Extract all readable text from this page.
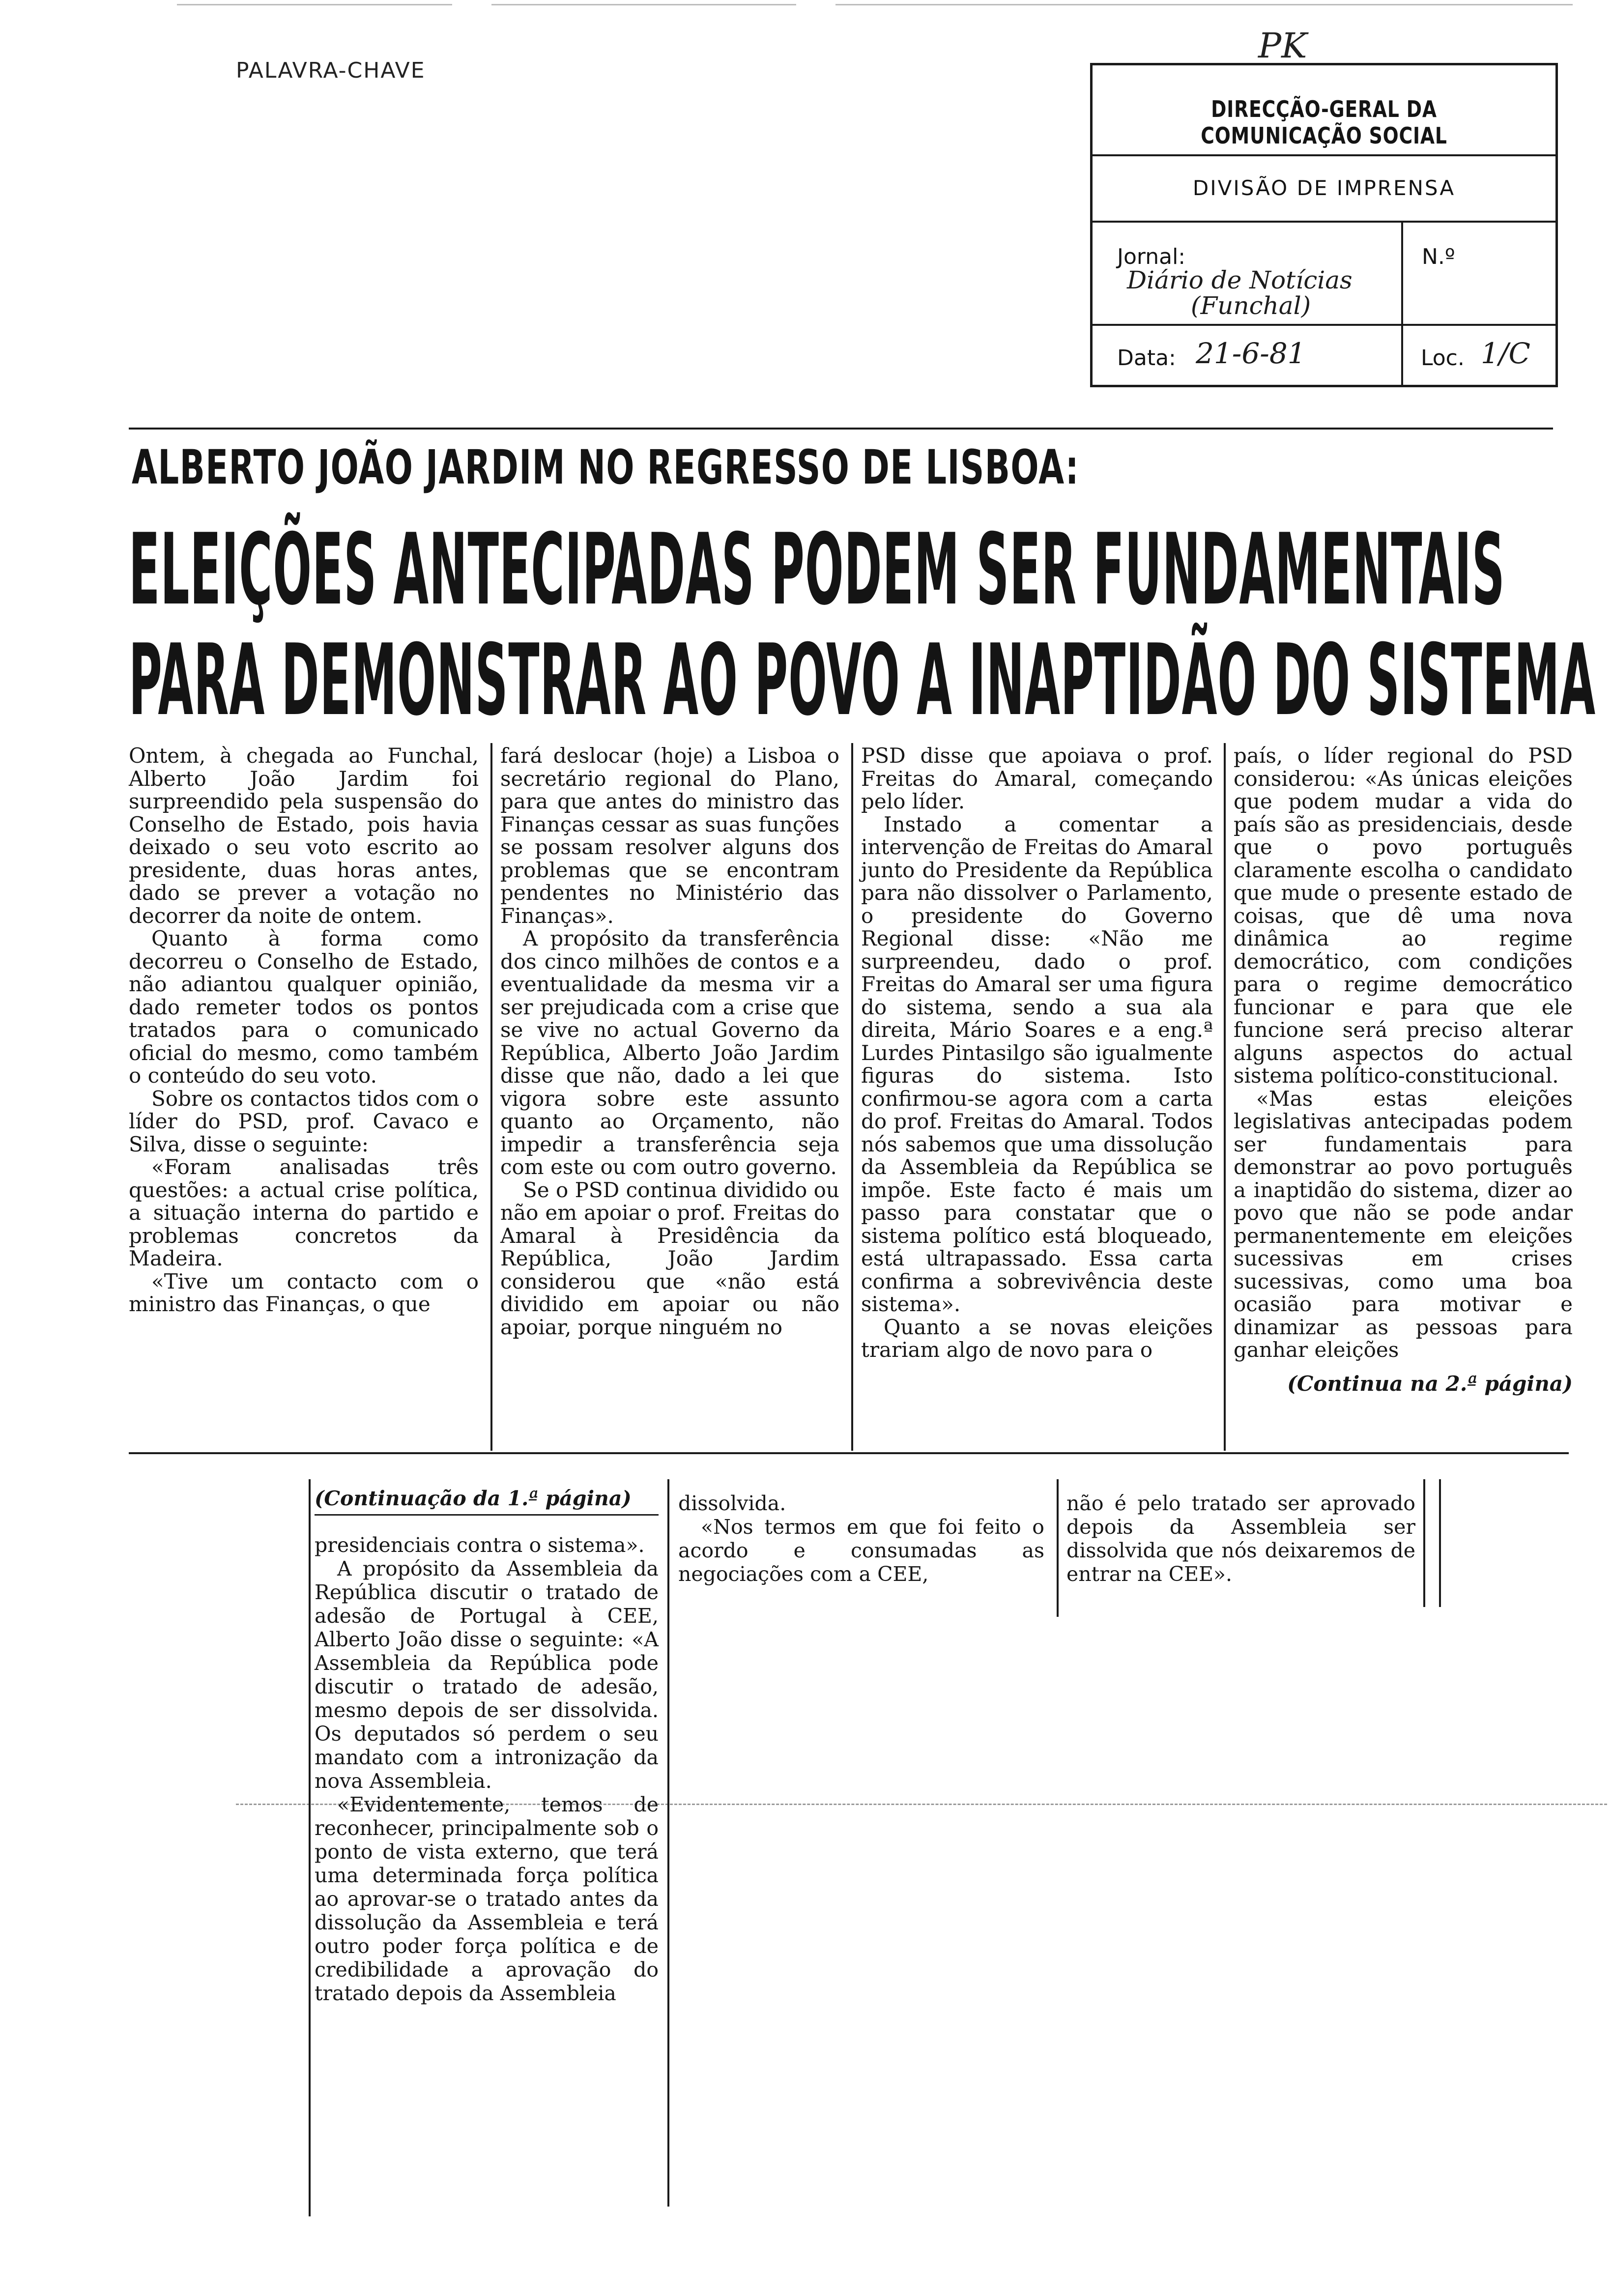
PALAVRA-CHAVE
PK
DIRECÇÃO-GERAL DA COMUNICAÇÃO SOCIAL
DIVISÃO DE IMPRENSA
Jornal:
Diário de Notícias
(Funchal)
N.º
Data: 21-6-81	Loc. 1/C
ALBERTO JOÃO JARDIM NO REGRESSO DE LISBOA:
ELEIÇÕES ANTECIPADAS PODEM SER FUNDAMENTAIS
PARA DEMONSTRAR AO POVO A INAPTIDÃO DO SISTEMA

Ontem, à chegada ao Funchal, Alberto João Jardim foi surpreendido pela suspensão do Conselho de Estado, pois havia deixado o seu voto escrito ao presidente, duas horas antes, dado se prever a votação no decorrer da noite de ontem.

Quanto à forma como decorreu o Conselho de Estado, não adiantou qualquer opinião, dado remeter todos os pontos tratados para o comunicado oficial do mesmo, como também o conteúdo do seu voto.

Sobre os contactos tidos com o líder do PSD, prof. Cavaco e Silva, disse o seguinte:

«Foram analisadas três questões: a actual crise política, a situação interna do partido e problemas concretos da Madeira.

«Tive um contacto com o ministro das Finanças, o que

fará deslocar (hoje) a Lisboa o secretário regional do Plano, para que antes do ministro das Finanças cessar as suas funções se possam resolver alguns dos problemas que se encontram pendentes no Ministério das Finanças».

A propósito da transferência dos cinco milhões de contos e a eventualidade da mesma vir a ser prejudicada com a crise que se vive no actual Governo da República, Alberto João Jardim disse que não, dado a lei que vigora sobre este assunto quanto ao Orçamento, não impedir a transferência seja com este ou com outro governo.

Se o PSD continua dividido ou não em apoiar o prof. Freitas do Amaral à Presidência da República, João Jardim considerou que «não está dividido em apoiar ou não apoiar, porque ninguém no

PSD disse que apoiava o prof. Freitas do Amaral, começando pelo líder.

Instado a comentar a intervenção de Freitas do Amaral junto do Presidente da República para não dissolver o Parlamento, o presidente do Governo Regional disse: «Não me surpreendeu, dado o prof. Freitas do Amaral ser uma figura do sistema, sendo a sua ala direita, Mário Soares e a eng.ª Lurdes Pintasilgo são igualmente figuras do sistema. Isto confirmou-se agora com a carta do prof. Freitas do Amaral. Todos nós sabemos que uma dissolução da Assembleia da República se impõe. Este facto é mais um passo para constatar que o sistema político está bloqueado, está ultrapassado. Essa carta confirma a sobrevivência deste sistema».

Quanto a se novas eleições trariam algo de novo para o

país, o líder regional do PSD considerou: «As únicas eleições que podem mudar a vida do país são as presidenciais, desde que o povo português claramente escolha o candidato que mude o presente estado de coisas, que dê uma nova dinâmica ao regime democrático, com condições para o regime democrático funcionar e para que ele funcione será preciso alterar alguns aspectos do actual sistema político-constitucional.

«Mas estas eleições legislativas antecipadas podem ser fundamentais para demonstrar ao povo português a inaptidão do sistema, dizer ao povo que não se pode andar permanentemente em eleições sucessivas em crises sucessivas, como uma boa ocasião para motivar e dinamizar as pessoas para ganhar eleições

(Continua na 2.ª página)

(Continuação da 1.ª página)

presidenciais contra o sistema».

A propósito da Assembleia da República discutir o tratado de adesão de Portugal à CEE, Alberto João disse o seguinte: «A Assembleia da República pode discutir o tratado de adesão, mesmo depois de ser dissolvida. Os deputados só perdem o seu mandato com a intronização da nova Assembleia.

«Evidentemente, temos de reconhecer, principalmente sob o ponto de vista externo, que terá uma determinada força política ao aprovar-se o tratado antes da dissolução da Assembleia e terá outro poder força política e de credibilidade a aprovação do tratado depois da Assembleia

dissolvida.

«Nos termos em que foi feito o acordo e consumadas as negociações com a CEE,

não é pelo tratado ser aprovado depois da Assembleia ser dissolvida que nós deixaremos de entrar na CEE».
